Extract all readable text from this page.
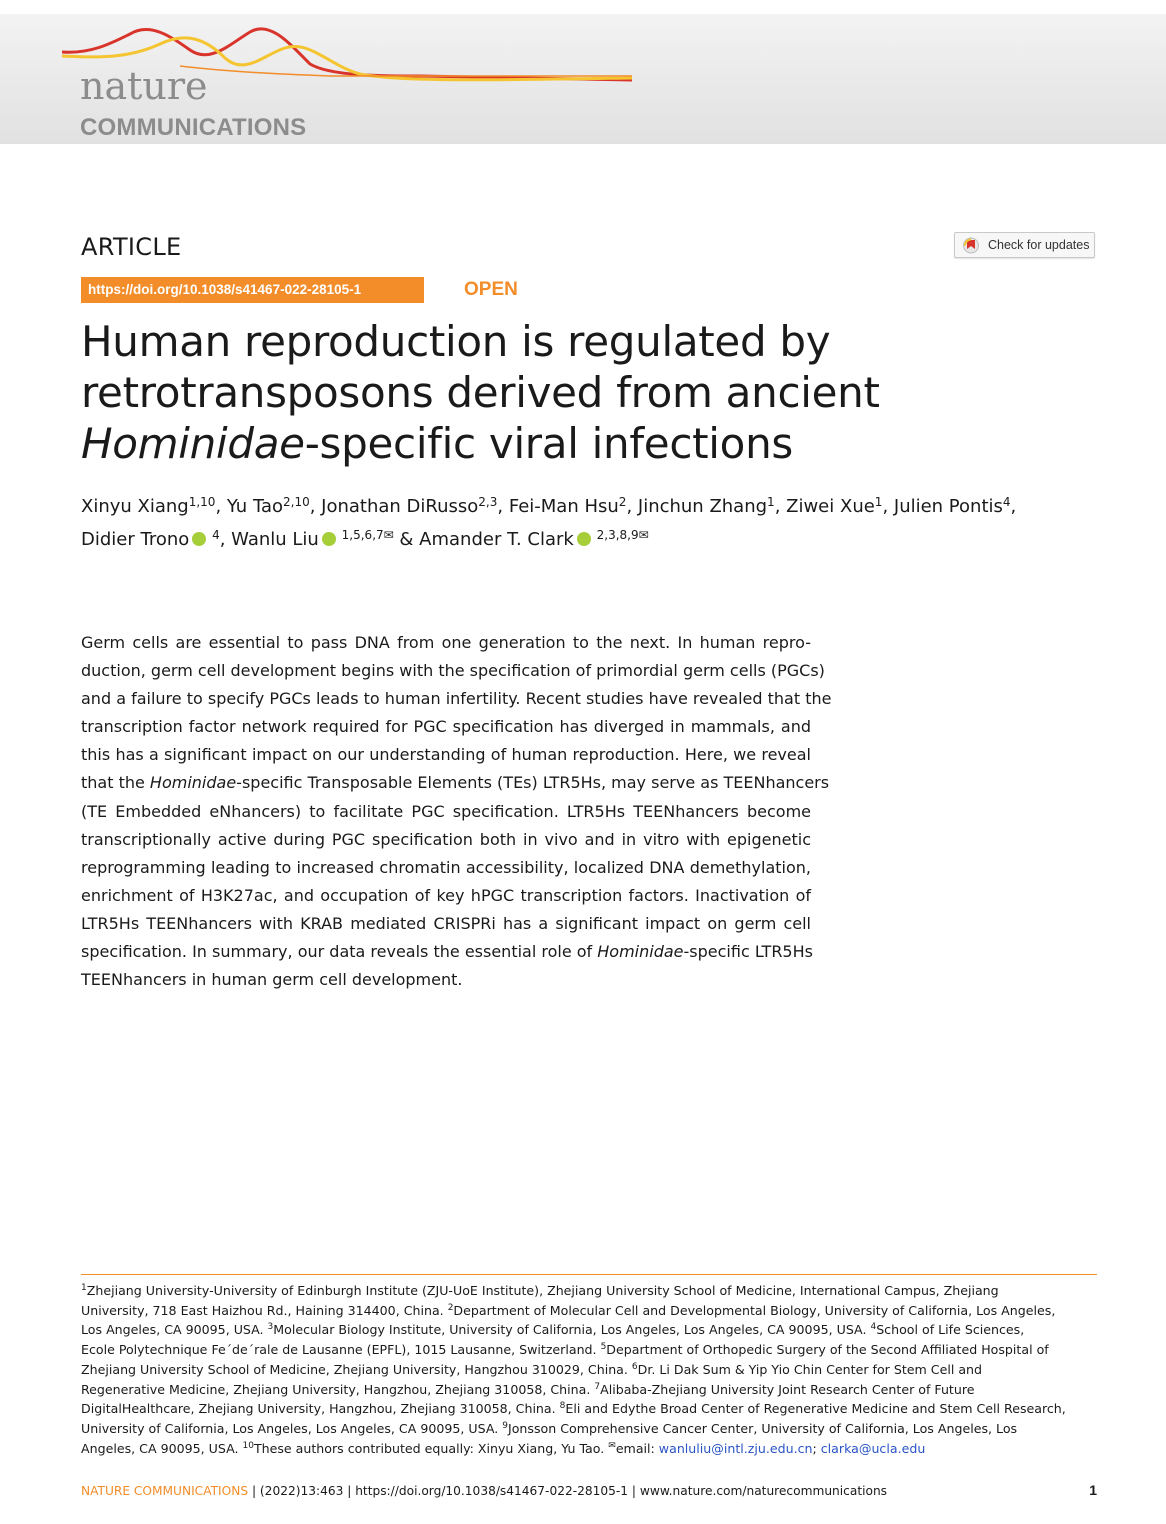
nature
COMMUNICATIONS
ARTICLE	Check for updates
https://doi.org/10.1038/s41467-022-28105-1	OPEN
Human reproduction is regulated by
retrotransposons derived from ancient
Hominidae-specific viral infections
Xinyu Xiang$^{1,10}$, Yu Tao$^{2,10}$, Jonathan DiRusso$^{2,3}$, Fei-Man Hsu$^2$, Jinchun Zhang$^1$, Ziwei Xue$^1$, Julien Pontis$^4$,
Didier TronoiD $^4$, Wanlu LiuiD $^{1,5,6,7✉}$ & Amander T. ClarkiD $^{2,3,8,9✉}$
Germ cells are essential to pass DNA from one generation to the next. In human repro-
duction, germ cell development begins with the specification of primordial germ cells (PGCs)
and a failure to specify PGCs leads to human infertility. Recent studies have revealed that the
transcription factor network required for PGC specification has diverged in mammals, and
this has a significant impact on our understanding of human reproduction. Here, we reveal
that the Hominidae-specific Transposable Elements (TEs) LTR5Hs, may serve as TEENhancers
(TE Embedded eNhancers) to facilitate PGC specification. LTR5Hs TEENhancers become
transcriptionally active during PGC specification both in vivo and in vitro with epigenetic
reprogramming leading to increased chromatin accessibility, localized DNA demethylation,
enrichment of H3K27ac, and occupation of key hPGC transcription factors. Inactivation of
LTR5Hs TEENhancers with KRAB mediated CRISPRi has a significant impact on germ cell
specification. In summary, our data reveals the essential role of Hominidae-specific LTR5Hs
TEENhancers in human germ cell development.
$^1$Zhejiang University-University of Edinburgh Institute (ZJU-UoE Institute), Zhejiang University School of Medicine, International Campus, Zhejiang
University, 718 East Haizhou Rd., Haining 314400, China. $^2$Department of Molecular Cell and Developmental Biology, University of California, Los Angeles,
Los Angeles, CA 90095, USA. $^3$Molecular Biology Institute, University of California, Los Angeles, Los Angeles, CA 90095, USA. $^4$School of Life Sciences,
Ecole Polytechnique Fe´de´rale de Lausanne (EPFL), 1015 Lausanne, Switzerland. $^5$Department of Orthopedic Surgery of the Second Affiliated Hospital of
Zhejiang University School of Medicine, Zhejiang University, Hangzhou 310029, China. $^6$Dr. Li Dak Sum & Yip Yio Chin Center for Stem Cell and
Regenerative Medicine, Zhejiang University, Hangzhou, Zhejiang 310058, China. $^7$Alibaba-Zhejiang University Joint Research Center of Future
DigitalHealthcare, Zhejiang University, Hangzhou, Zhejiang 310058, China. $^8$Eli and Edythe Broad Center of Regenerative Medicine and Stem Cell Research,
University of California, Los Angeles, Los Angeles, CA 90095, USA. $^9$Jonsson Comprehensive Cancer Center, University of California, Los Angeles, Los
Angeles, CA 90095, USA. $^{10}$These authors contributed equally: Xinyu Xiang, Yu Tao. ✉email: wanluliu@intl.zju.edu.cn; clarka@ucla.edu
NATURE COMMUNICATIONS | (2022)13:463 | https://doi.org/10.1038/s41467-022-28105-1 | www.nature.com/naturecommunications	1
